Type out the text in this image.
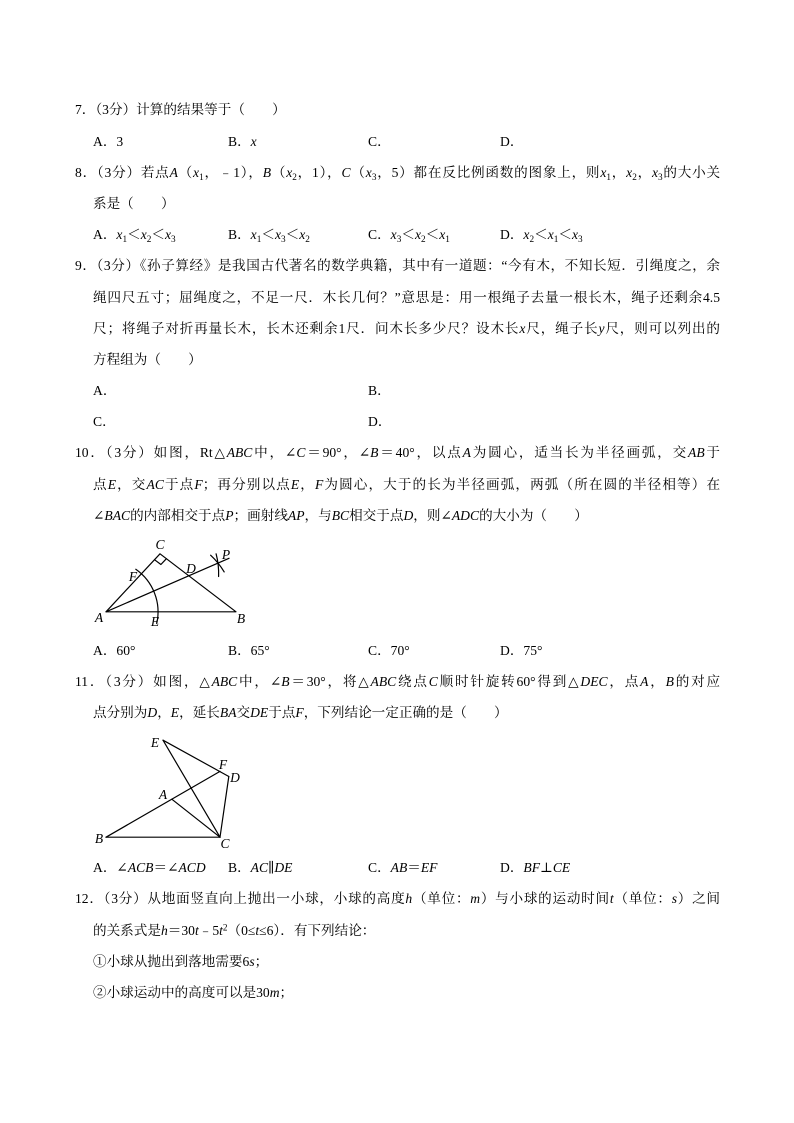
7．（3分）计算的结果等于（　　）
A．3	B．x	C．	D．
8．（3分）若点$A(x_1$，﹣1），$B(x_2$，1），$C(x_3$，5）都在反比例函数的图象上，则$x_1$，$x_2$，$x_3$的大小关
系是（　　）
A．$x_1<x_2<x_3$	B．$x_1<x_3<x_2$	C．$x_3<x_2<x_1$	D．$x_2<x_1<x_3$
9．（3分）《孙子算经》是我国古代著名的数学典籍，其中有一道题：“今有木，不知长短．引绳度之，余
绳四尺五寸；屈绳度之，不足一尺．木长几何？”意思是：用一根绳子去量一根长木，绳子还剩余4.5
尺；将绳子对折再量长木，长木还剩余1尺．问木长多少尺？设木长x尺，绳子长y尺，则可以列出的
方程组为（　　）
A．	B．
C．	D．
10．（3分）如图，Rt△ABC中，∠C＝90°，∠B＝40°，以点A为圆心，适当长为半径画弧，交AB于
点E，交AC于点F；再分别以点E，F为圆心，大于的长为半径画弧，两弧（所在圆的半径相等）在
∠BAC的内部相交于点P；画射线AP，与BC相交于点D，则∠ADC的大小为（　　）
C
F
D
P
A	E	B
A．60°	B．65°	C．70°	D．75°
11．（3分）如图，△ABC中，∠B＝30°，将△ABC绕点C顺时针旋转60°得到△DEC，点A，B的对应
点分别为D，E，延长BA交DE于点F，下列结论一定正确的是（　　）
E
F
D
A
B	C
A．∠ACB＝∠ACD B．AC∥DE	C．AB＝EF	D．BF⊥CE
12．（3分）从地面竖直向上抛出一小球，小球的高度h（单位：m）与小球的运动时间t（单位：s）之间
的关系式是$h=30t﹣5t^2(0\le t\le 6)$．有下列结论：
①小球从抛出到落地需要6s；
②小球运动中的高度可以是30m；
